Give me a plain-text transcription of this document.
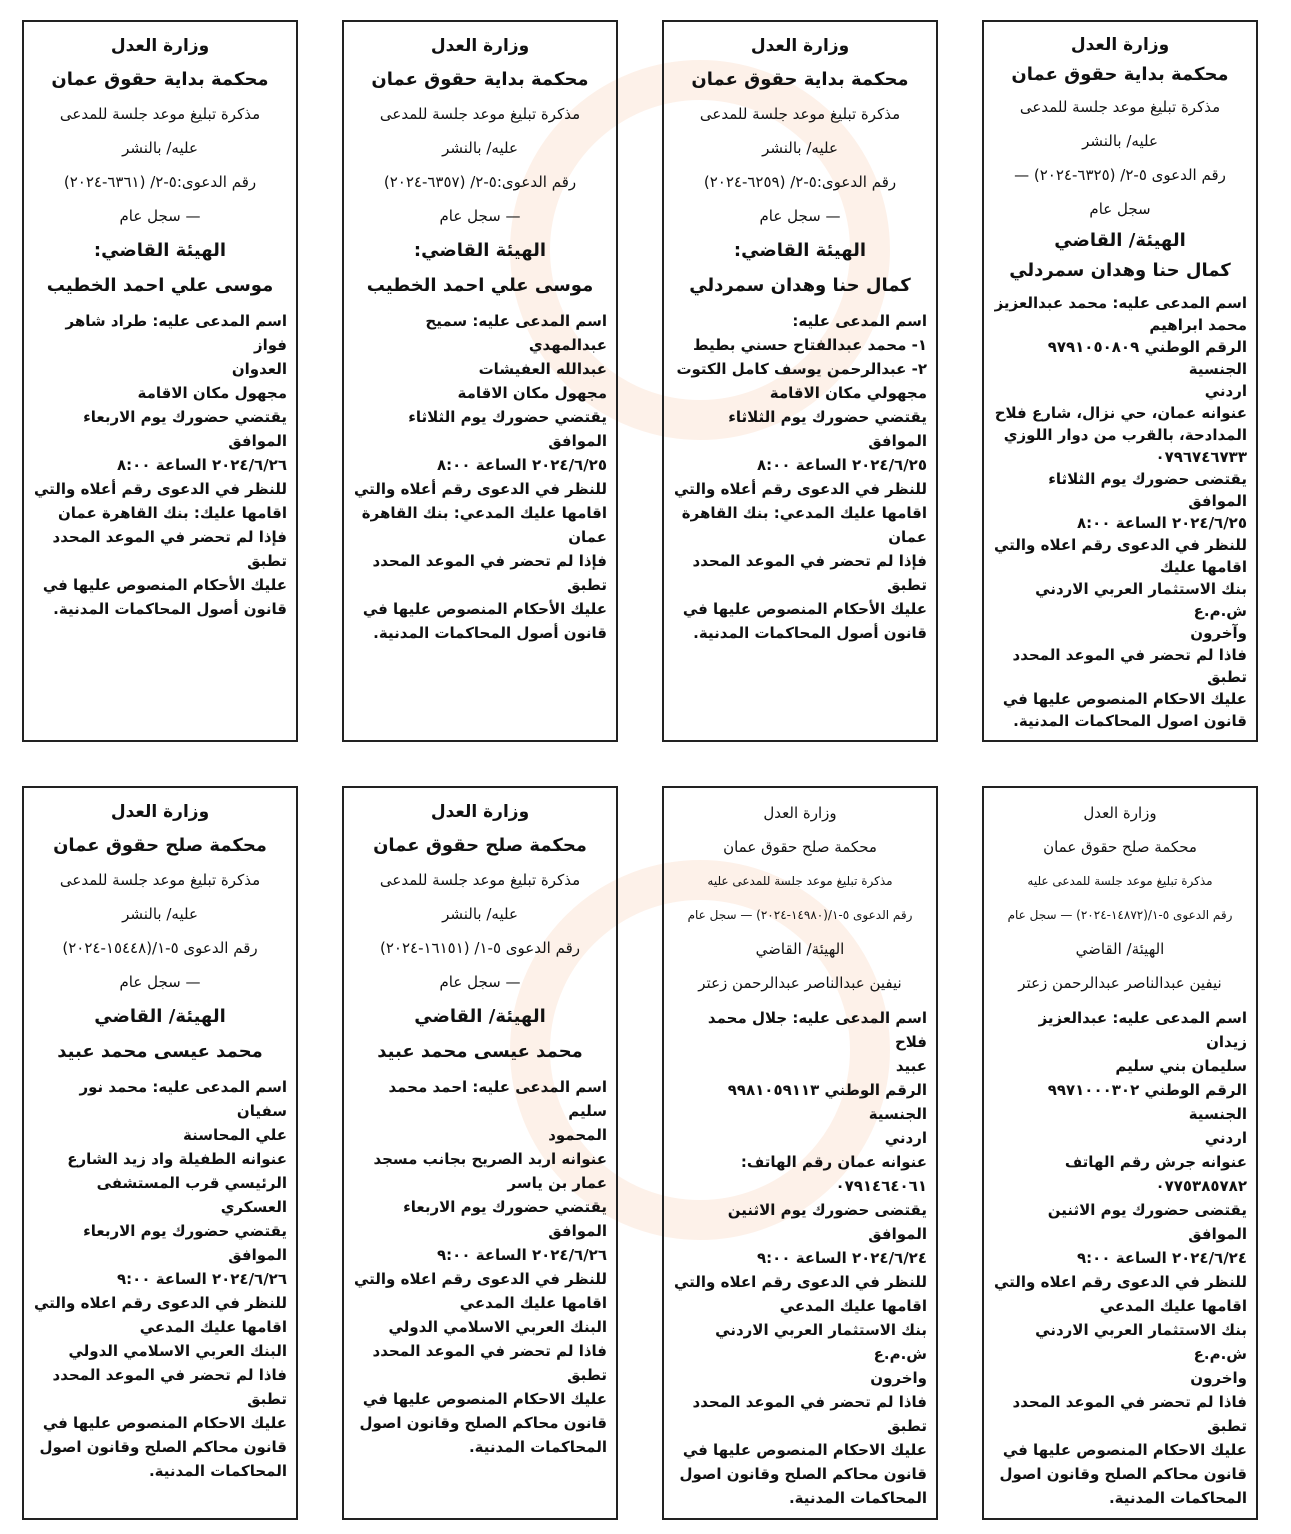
وزارة العدل
محكمة بداية حقوق عمان
مذكرة تبليغ موعد جلسة للمدعى
عليه/ بالنشر
رقم الدعوى ٥-٢/ (٦٣٢٥-٢٠٢٤) —
سجل عام
الهيئة/ القاضي
كمال حنا وهدان سمردلي
اسم المدعى عليه: محمد عبدالعزيز
محمد ابراهيم
الرقم الوطني ٩٧٩١٠٥٠٨٠٩ الجنسية
اردني
عنوانه عمان، حي نزال، شارع فلاح
المدادحة، بالقرب من دوار اللوزي
٠٧٩٦٧٤٦٧٣٣
يقتضى حضورك يوم الثلاثاء الموافق
٢٠٢٤/٦/٢٥ الساعة ٨:٠٠
للنظر في الدعوى رقم اعلاه والتي
اقامها عليك
بنك الاستثمار العربي الاردني ش.م.ع
وآخرون
فاذا لم تحضر في الموعد المحدد تطبق
عليك الاحكام المنصوص عليها في
قانون اصول المحاكمات المدنية.
وزارة العدل
محكمة بداية حقوق عمان
مذكرة تبليغ موعد جلسة للمدعى
عليه/ بالنشر
رقم الدعوى:٥-٢/ (٦٢٥٩-٢٠٢٤)
— سجل عام
الهيئة القاضي:
كمال حنا وهدان سمردلي
اسم المدعى عليه:
١- محمد عبدالفتاح حسني بطيط
٢- عبدالرحمن يوسف كامل الكتوت
مجهولي مكان الاقامة
يقتضي حضورك يوم الثلاثاء الموافق
٢٠٢٤/٦/٢٥ الساعة ٨:٠٠
للنظر في الدعوى رقم أعلاه والتي
اقامها عليك المدعي: بنك القاهرة
عمان
فإذا لم تحضر في الموعد المحدد تطبق
عليك الأحكام المنصوص عليها في
قانون أصول المحاكمات المدنية.
وزارة العدل
محكمة بداية حقوق عمان
مذكرة تبليغ موعد جلسة للمدعى
عليه/ بالنشر
رقم الدعوى:٥-٢/ (٦٣٥٧-٢٠٢٤)
— سجل عام
الهيئة القاضي:
موسى علي احمد الخطيب
اسم المدعى عليه: سميح عبدالمهدي
عبدالله العفيشات
مجهول مكان الاقامة
يقتضي حضورك يوم الثلاثاء الموافق
٢٠٢٤/٦/٢٥ الساعة ٨:٠٠
للنظر في الدعوى رقم أعلاه والتي
اقامها عليك المدعي: بنك القاهرة
عمان
فإذا لم تحضر في الموعد المحدد تطبق
عليك الأحكام المنصوص عليها في
قانون أصول المحاكمات المدنية.
وزارة العدل
محكمة بداية حقوق عمان
مذكرة تبليغ موعد جلسة للمدعى
عليه/ بالنشر
رقم الدعوى:٥-٢/ (٦٣٦١-٢٠٢٤)
— سجل عام
الهيئة القاضي:
موسى علي احمد الخطيب
اسم المدعى عليه: طراد شاهر فواز
العدوان
مجهول مكان الاقامة
يقتضي حضورك يوم الاربعاء الموافق
٢٠٢٤/٦/٢٦ الساعة ٨:٠٠
للنظر في الدعوى رقم أعلاه والتي
اقامها عليك: بنك القاهرة عمان
فإذا لم تحضر في الموعد المحدد تطبق
عليك الأحكام المنصوص عليها في
قانون أصول المحاكمات المدنية.
وزارة العدل
محكمة صلح حقوق عمان
مذكرة تبليغ موعد جلسة للمدعى عليه
رقم الدعوى ٥-١/(١٤٨٧٢-٢٠٢٤) — سجل عام
الهيئة/ القاضي
نيفين عبدالناصر عبدالرحمن زعتر
اسم المدعى عليه: عبدالعزيز زيدان
سليمان بني سليم
الرقم الوطني ٩٩٧١٠٠٠٣٠٢ الجنسية
اردني
عنوانه جرش رقم الهاتف
٠٧٧٥٣٨٥٧٨٢
يقتضى حضورك يوم الاثنين الموافق
٢٠٢٤/٦/٢٤ الساعة ٩:٠٠
للنظر في الدعوى رقم اعلاه والتي
اقامها عليك المدعي
بنك الاستثمار العربي الاردني ش.م.ع
واخرون
فاذا لم تحضر في الموعد المحدد تطبق
عليك الاحكام المنصوص عليها في
قانون محاكم الصلح وقانون اصول
المحاكمات المدنية.
وزارة العدل
محكمة صلح حقوق عمان
مذكرة تبليغ موعد جلسة للمدعى عليه
رقم الدعوى ٥-١/(١٤٩٨٠-٢٠٢٤) — سجل عام
الهيئة/ القاضي
نيفين عبدالناصر عبدالرحمن زعتر
اسم المدعى عليه: جلال محمد فلاح
عبيد
الرقم الوطني ٩٩٨١٠٥٩١١٣ الجنسية
اردني
عنوانه عمان رقم الهاتف:
٠٧٩١٤٦٤٠٦١
يقتضى حضورك يوم الاثنين الموافق
٢٠٢٤/٦/٢٤ الساعة ٩:٠٠
للنظر في الدعوى رقم اعلاه والتي
اقامها عليك المدعي
بنك الاستثمار العربي الاردني ش.م.ع
واخرون
فاذا لم تحضر في الموعد المحدد تطبق
عليك الاحكام المنصوص عليها في
قانون محاكم الصلح وقانون اصول
المحاكمات المدنية.
وزارة العدل
محكمة صلح حقوق عمان
مذكرة تبليغ موعد جلسة للمدعى
عليه/ بالنشر
رقم الدعوى ٥-١/ (١٦١٥١-٢٠٢٤)
— سجل عام
الهيئة/ القاضي
محمد عيسى محمد عبيد
اسم المدعى عليه: احمد محمد سليم
المحمود
عنوانه اربد الصريح بجانب مسجد
عمار بن ياسر
يقتضي حضورك يوم الاربعاء الموافق
٢٠٢٤/٦/٢٦ الساعة ٩:٠٠
للنظر في الدعوى رقم اعلاه والتي
اقامها عليك المدعي
البنك العربي الاسلامي الدولي
فاذا لم تحضر في الموعد المحدد تطبق
عليك الاحكام المنصوص عليها في
قانون محاكم الصلح وقانون اصول
المحاكمات المدنية.
وزارة العدل
محكمة صلح حقوق عمان
مذكرة تبليغ موعد جلسة للمدعى
عليه/ بالنشر
رقم الدعوى ٥-١/(١٥٤٤٨-٢٠٢٤)
— سجل عام
الهيئة/ القاضي
محمد عيسى محمد عبيد
اسم المدعى عليه: محمد نور سفيان
علي المحاسنة
عنوانه الطفيلة واد زيد الشارع
الرئيسي قرب المستشفى العسكري
يقتضي حضورك يوم الاربعاء الموافق
٢٠٢٤/٦/٢٦ الساعة ٩:٠٠
للنظر في الدعوى رقم اعلاه والتي
اقامها عليك المدعي
البنك العربي الاسلامي الدولي
فاذا لم تحضر في الموعد المحدد تطبق
عليك الاحكام المنصوص عليها في
قانون محاكم الصلح وقانون اصول
المحاكمات المدنية.
